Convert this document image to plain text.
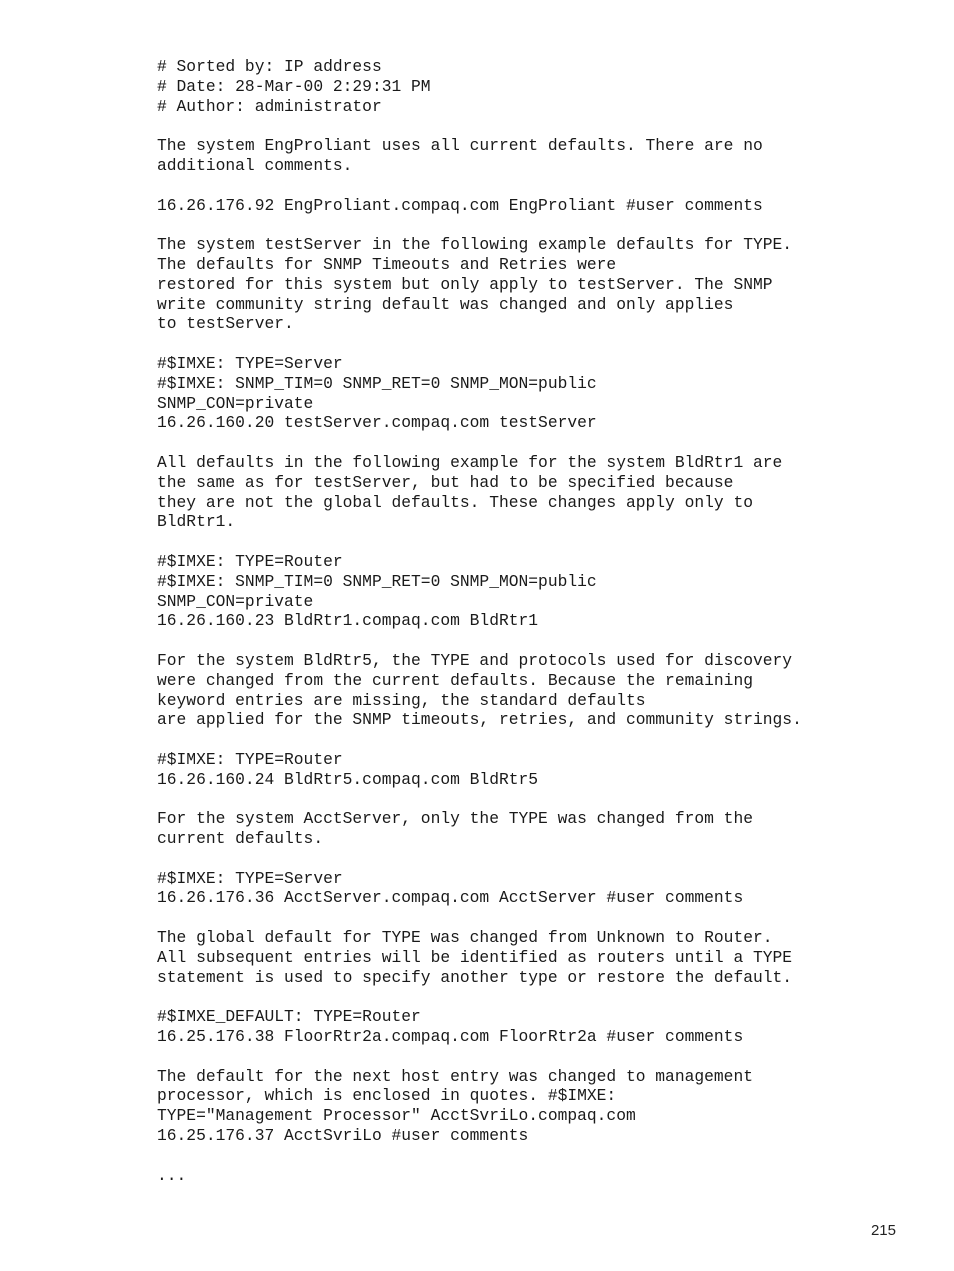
# Sorted by: IP address
# Date: 28-Mar-00 2:29:31 PM
# Author: administrator
The system EngProliant uses all current defaults. There are no
additional comments.
16.26.176.92 EngProliant.compaq.com EngProliant #user comments
The system testServer in the following example defaults for TYPE.
The defaults for SNMP Timeouts and Retries were
restored for this system but only apply to testServer. The SNMP
write community string default was changed and only applies
to testServer.
#$IMXE: TYPE=Server
#$IMXE: SNMP_TIM=0 SNMP_RET=0 SNMP_MON=public
SNMP_CON=private
16.26.160.20 testServer.compaq.com testServer
All defaults in the following example for the system BldRtr1 are
the same as for testServer, but had to be specified because
they are not the global defaults. These changes apply only to
BldRtr1.
#$IMXE: TYPE=Router
#$IMXE: SNMP_TIM=0 SNMP_RET=0 SNMP_MON=public
SNMP_CON=private
16.26.160.23 BldRtr1.compaq.com BldRtr1
For the system BldRtr5, the TYPE and protocols used for discovery
were changed from the current defaults. Because the remaining
keyword entries are missing, the standard defaults
are applied for the SNMP timeouts, retries, and community strings.
#$IMXE: TYPE=Router
16.26.160.24 BldRtr5.compaq.com BldRtr5
For the system AcctServer, only the TYPE was changed from the
current defaults.
#$IMXE: TYPE=Server
16.26.176.36 AcctServer.compaq.com AcctServer #user comments
The global default for TYPE was changed from Unknown to Router.
All subsequent entries will be identified as routers until a TYPE
statement is used to specify another type or restore the default.
#$IMXE_DEFAULT: TYPE=Router
16.25.176.38 FloorRtr2a.compaq.com FloorRtr2a #user comments
The default for the next host entry was changed to management
processor, which is enclosed in quotes. #$IMXE:
TYPE="Management Processor" AcctSvriLo.compaq.com
16.25.176.37 AcctSvriLo #user comments
...
215
